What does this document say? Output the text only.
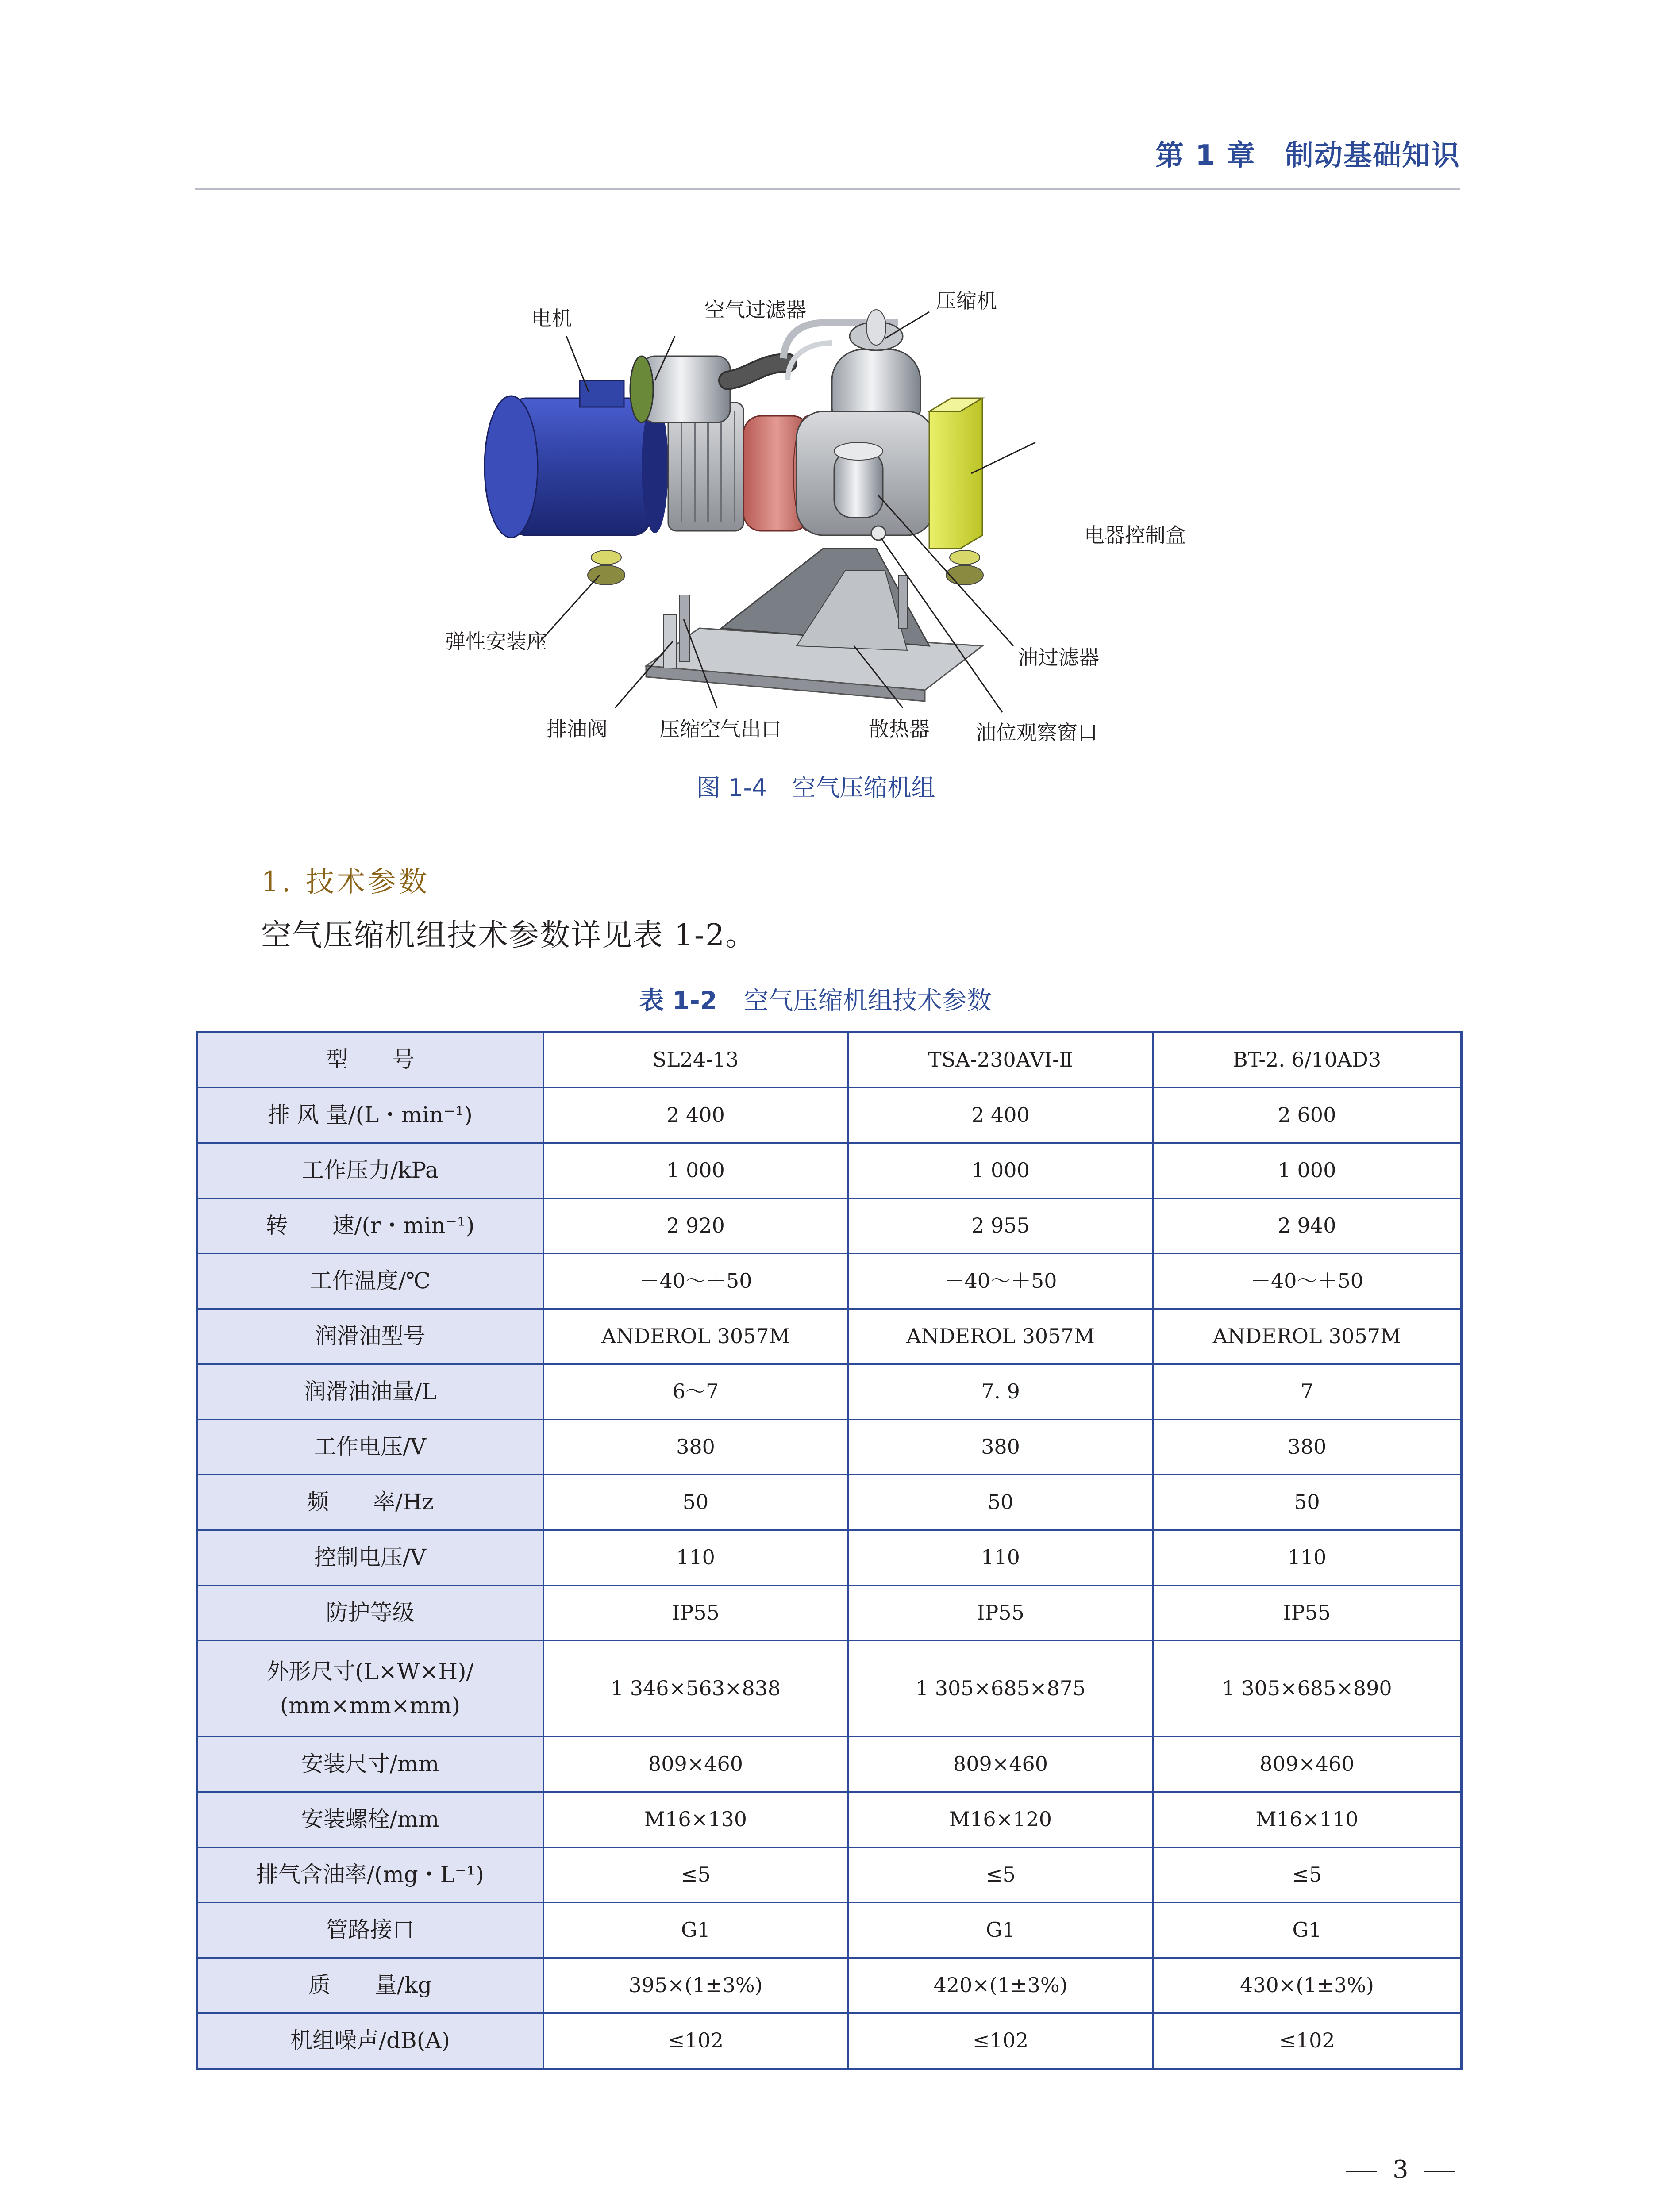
第 1 章　制动基础知识
电机	空气过滤器	压缩机
电器控制盒
弹性安装座
油过滤器
排油阀	压缩空气出口	散热器 油位观察窗口
图 1-4 空气压缩机组
1. 技术参数
空气压缩机组技术参数详见表 1-2。
表 1-2 空气压缩机组技术参数
型　　号	SL24-13	TSA-230AVI-Ⅱ	BT-2. 6/10AD3
排 风 量/(L・min⁻¹)	2 400	2 400	2 600
工作压力/kPa	1 000	1 000	1 000
转　　速/(r・min⁻¹)	2 920	2 955	2 940
工作温度/℃	－40～＋50	－40～＋50	－40～＋50
润滑油型号	ANDEROL 3057M	ANDEROL 3057M	ANDEROL 3057M
润滑油油量/L	6～7	7. 9	7
工作电压/V	380	380	380
频　　率/Hz	50	50	50
控制电压/V	110	110	110
防护等级	IP55	IP55	IP55

外形尺寸(L×W×H)/
(mm×mm×mm)	1 346×563×838	1 305×685×875	1 305×685×890
安装尺寸/mm	809×460	809×460	809×460
安装螺栓/mm	M16×130	M16×120	M16×110
排气含油率/(mg・L⁻¹)	≤5	≤5	≤5
管路接口	G1	G1	G1
质　　量/kg	395×(1±3%)	420×(1±3%)	430×(1±3%)
机组噪声/dB(A)	≤102	≤102	≤102
3
